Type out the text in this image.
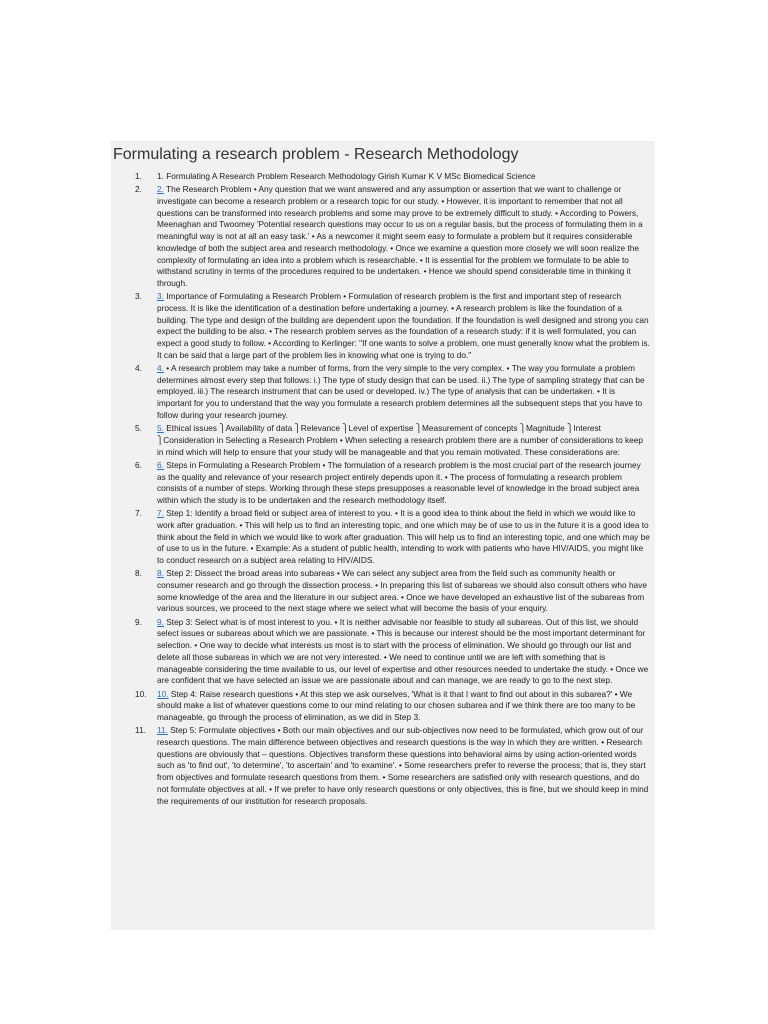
Formulating a research problem - Research Methodology
1. 1. Formulating A Research Problem Research Methodology Girish Kumar K V MSc Biomedical Science
2. 2. The Research Problem • Any question that we want answered and any assumption or assertion that we want to challenge or investigate can become a research problem or a research topic for our study. • However, it is important to remember that not all questions can be transformed into research problems and some may prove to be extremely difficult to study. • According to Powers, Meenaghan and Twoomey 'Potential research questions may occur to us on a regular basis, but the process of formulating them in a meaningful way is not at all an easy task.' • As a newcomer it might seem easy to formulate a problem but it requires considerable knowledge of both the subject area and research methodology. • Once we examine a question more closely we will soon realize the complexity of formulating an idea into a problem which is researchable. • It is essential for the problem we formulate to be able to withstand scrutiny in terms of the procedures required to be undertaken. • Hence we should spend considerable time in thinking it through.
3. 3. Importance of Formulating a Research Problem • Formulation of research problem is the first and important step of research process. It is like the identification of a destination before undertaking a journey. • A research problem is like the foundation of a building. The type and design of the building are dependent upon the foundation. If the foundation is well designed and strong you can expect the building to be also. • The research problem serves as the foundation of a research study: if it is well formulated, you can expect a good study to follow. • According to Kerlinger: "If one wants to solve a problem, one must generally know what the problem is. It can be said that a large part of the problem lies in knowing what one is trying to do."
4. 4. • A research problem may take a number of forms, from the very simple to the very complex. • The way you formulate a problem determines almost every step that follows: i.) The type of study design that can be used. ii.) The type of sampling strategy that can be employed. iii.) The research instrument that can be used or developed. iv.) The type of analysis that can be undertaken. • It is important for you to understand that the way you formulate a research problem determines all the subsequent steps that you have to follow during your research journey.
5. 5. Ethical issues ⎫Availability of data ⎫Relevance ⎫Level of expertise ⎫Measurement of concepts ⎫Magnitude ⎫Interest ⎫Consideration in Selecting a Research Problem • When selecting a research problem there are a number of considerations to keep in mind which will help to ensure that your study will be manageable and that you remain motivated. These considerations are:
6. 6. Steps in Formulating a Research Problem • The formulation of a research problem is the most crucial part of the research journey as the quality and relevance of your research project entirely depends upon it. • The process of formulating a research problem consists of a number of steps. Working through these steps presupposes a reasonable level of knowledge in the broad subject area within which the study is to be undertaken and the research methodology itself.
7. 7. Step 1: Identify a broad field or subject area of interest to you. • It is a good idea to think about the field in which we would like to work after graduation. • This will help us to find an interesting topic, and one which may be of use to us in the future it is a good idea to think about the field in which we would like to work after graduation. This will help us to find an interesting topic, and one which may be of use to us in the future. • Example: As a student of public health, intending to work with patients who have HIV/AIDS, you might like to conduct research on a subject area relating to HIV/AIDS.
8. 8. Step 2: Dissect the broad areas into subareas • We can select any subject area from the field such as community health or consumer research and go through the dissection process. • In preparing this list of subareas we should also consult others who have some knowledge of the area and the literature in our subject area. • Once we have developed an exhaustive list of the subareas from various sources, we proceed to the next stage where we select what will become the basis of your enquiry.
9. 9. Step 3: Select what is of most interest to you. • It is neither advisable nor feasible to study all subareas. Out of this list, we should select issues or subareas about which we are passionate. • This is because our interest should be the most important determinant for selection. • One way to decide what interests us most is to start with the process of elimination. We should go through our list and delete all those subareas in which we are not very interested. • We need to continue until we are left with something that is manageable considering the time available to us, our level of expertise and other resources needed to undertake the study. • Once we are confident that we have selected an issue we are passionate about and can manage, we are ready to go to the next step.
10. 10. Step 4: Raise research questions • At this step we ask ourselves, 'What is it that I want to find out about in this subarea?' • We should make a list of whatever questions come to our mind relating to our chosen subarea and if we think there are too many to be manageable, go through the process of elimination, as we did in Step 3.
11. 11. Step 5: Formulate objectives • Both our main objectives and our sub-objectives now need to be formulated, which grow out of our research questions. The main difference between objectives and research questions is the way in which they are written. • Research questions are obviously that – questions. Objectives transform these questions into behavioral aims by using action-oriented words such as 'to find out', 'to determine', 'to ascertain' and 'to examine'. • Some researchers prefer to reverse the process; that is, they start from objectives and formulate research questions from them. • Some researchers are satisfied only with research questions, and do not formulate objectives at all. • If we prefer to have only research questions or only objectives, this is fine, but we should keep in mind the requirements of our institution for research proposals.
